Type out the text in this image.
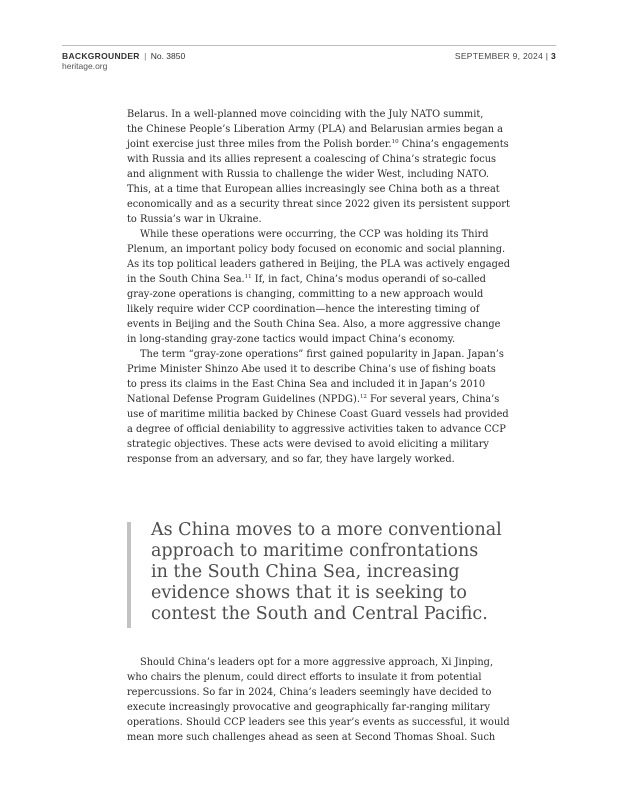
BACKGROUNDER | No. 3850
heritage.org
SEPTEMBER 9, 2024 | 3

Belarus. In a well-planned move coinciding with the July NATO summit,
the Chinese People’s Liberation Army (PLA) and Belarusian armies began a
joint exercise just three miles from the Polish border.$^{10}$ China’s engagements
with Russia and its allies represent a coalescing of China’s strategic focus
and alignment with Russia to challenge the wider West, including NATO.
This, at a time that European allies increasingly see China both as a threat
economically and as a security threat since 2022 given its persistent support
to Russia’s war in Ukraine.

While these operations were occurring, the CCP was holding its Third
Plenum, an important policy body focused on economic and social planning.
As its top political leaders gathered in Beijing, the PLA was actively engaged
in the South China Sea.$^{11}$ If, in fact, China’s modus operandi of so-called
gray-zone operations is changing, committing to a new approach would
likely require wider CCP coordination—hence the interesting timing of
events in Beijing and the South China Sea. Also, a more aggressive change
in long-standing gray-zone tactics would impact China’s economy.

The term “gray-zone operations” first gained popularity in Japan. Japan’s
Prime Minister Shinzo Abe used it to describe China’s use of fishing boats
to press its claims in the East China Sea and included it in Japan’s 2010
National Defense Program Guidelines (NPDG).$^{12}$ For several years, China’s
use of maritime militia backed by Chinese Coast Guard vessels had provided
a degree of official deniability to aggressive activities taken to advance CCP
strategic objectives. These acts were devised to avoid eliciting a military
response from an adversary, and so far, they have largely worked.

As China moves to a more conventional
approach to maritime confrontations
in the South China Sea, increasing
evidence shows that it is seeking to
contest the South and Central Pacific.

Should China’s leaders opt for a more aggressive approach, Xi Jinping,
who chairs the plenum, could direct efforts to insulate it from potential
repercussions. So far in 2024, China’s leaders seemingly have decided to
execute increasingly provocative and geographically far-ranging military
operations. Should CCP leaders see this year’s events as successful, it would
mean more such challenges ahead as seen at Second Thomas Shoal. Such
